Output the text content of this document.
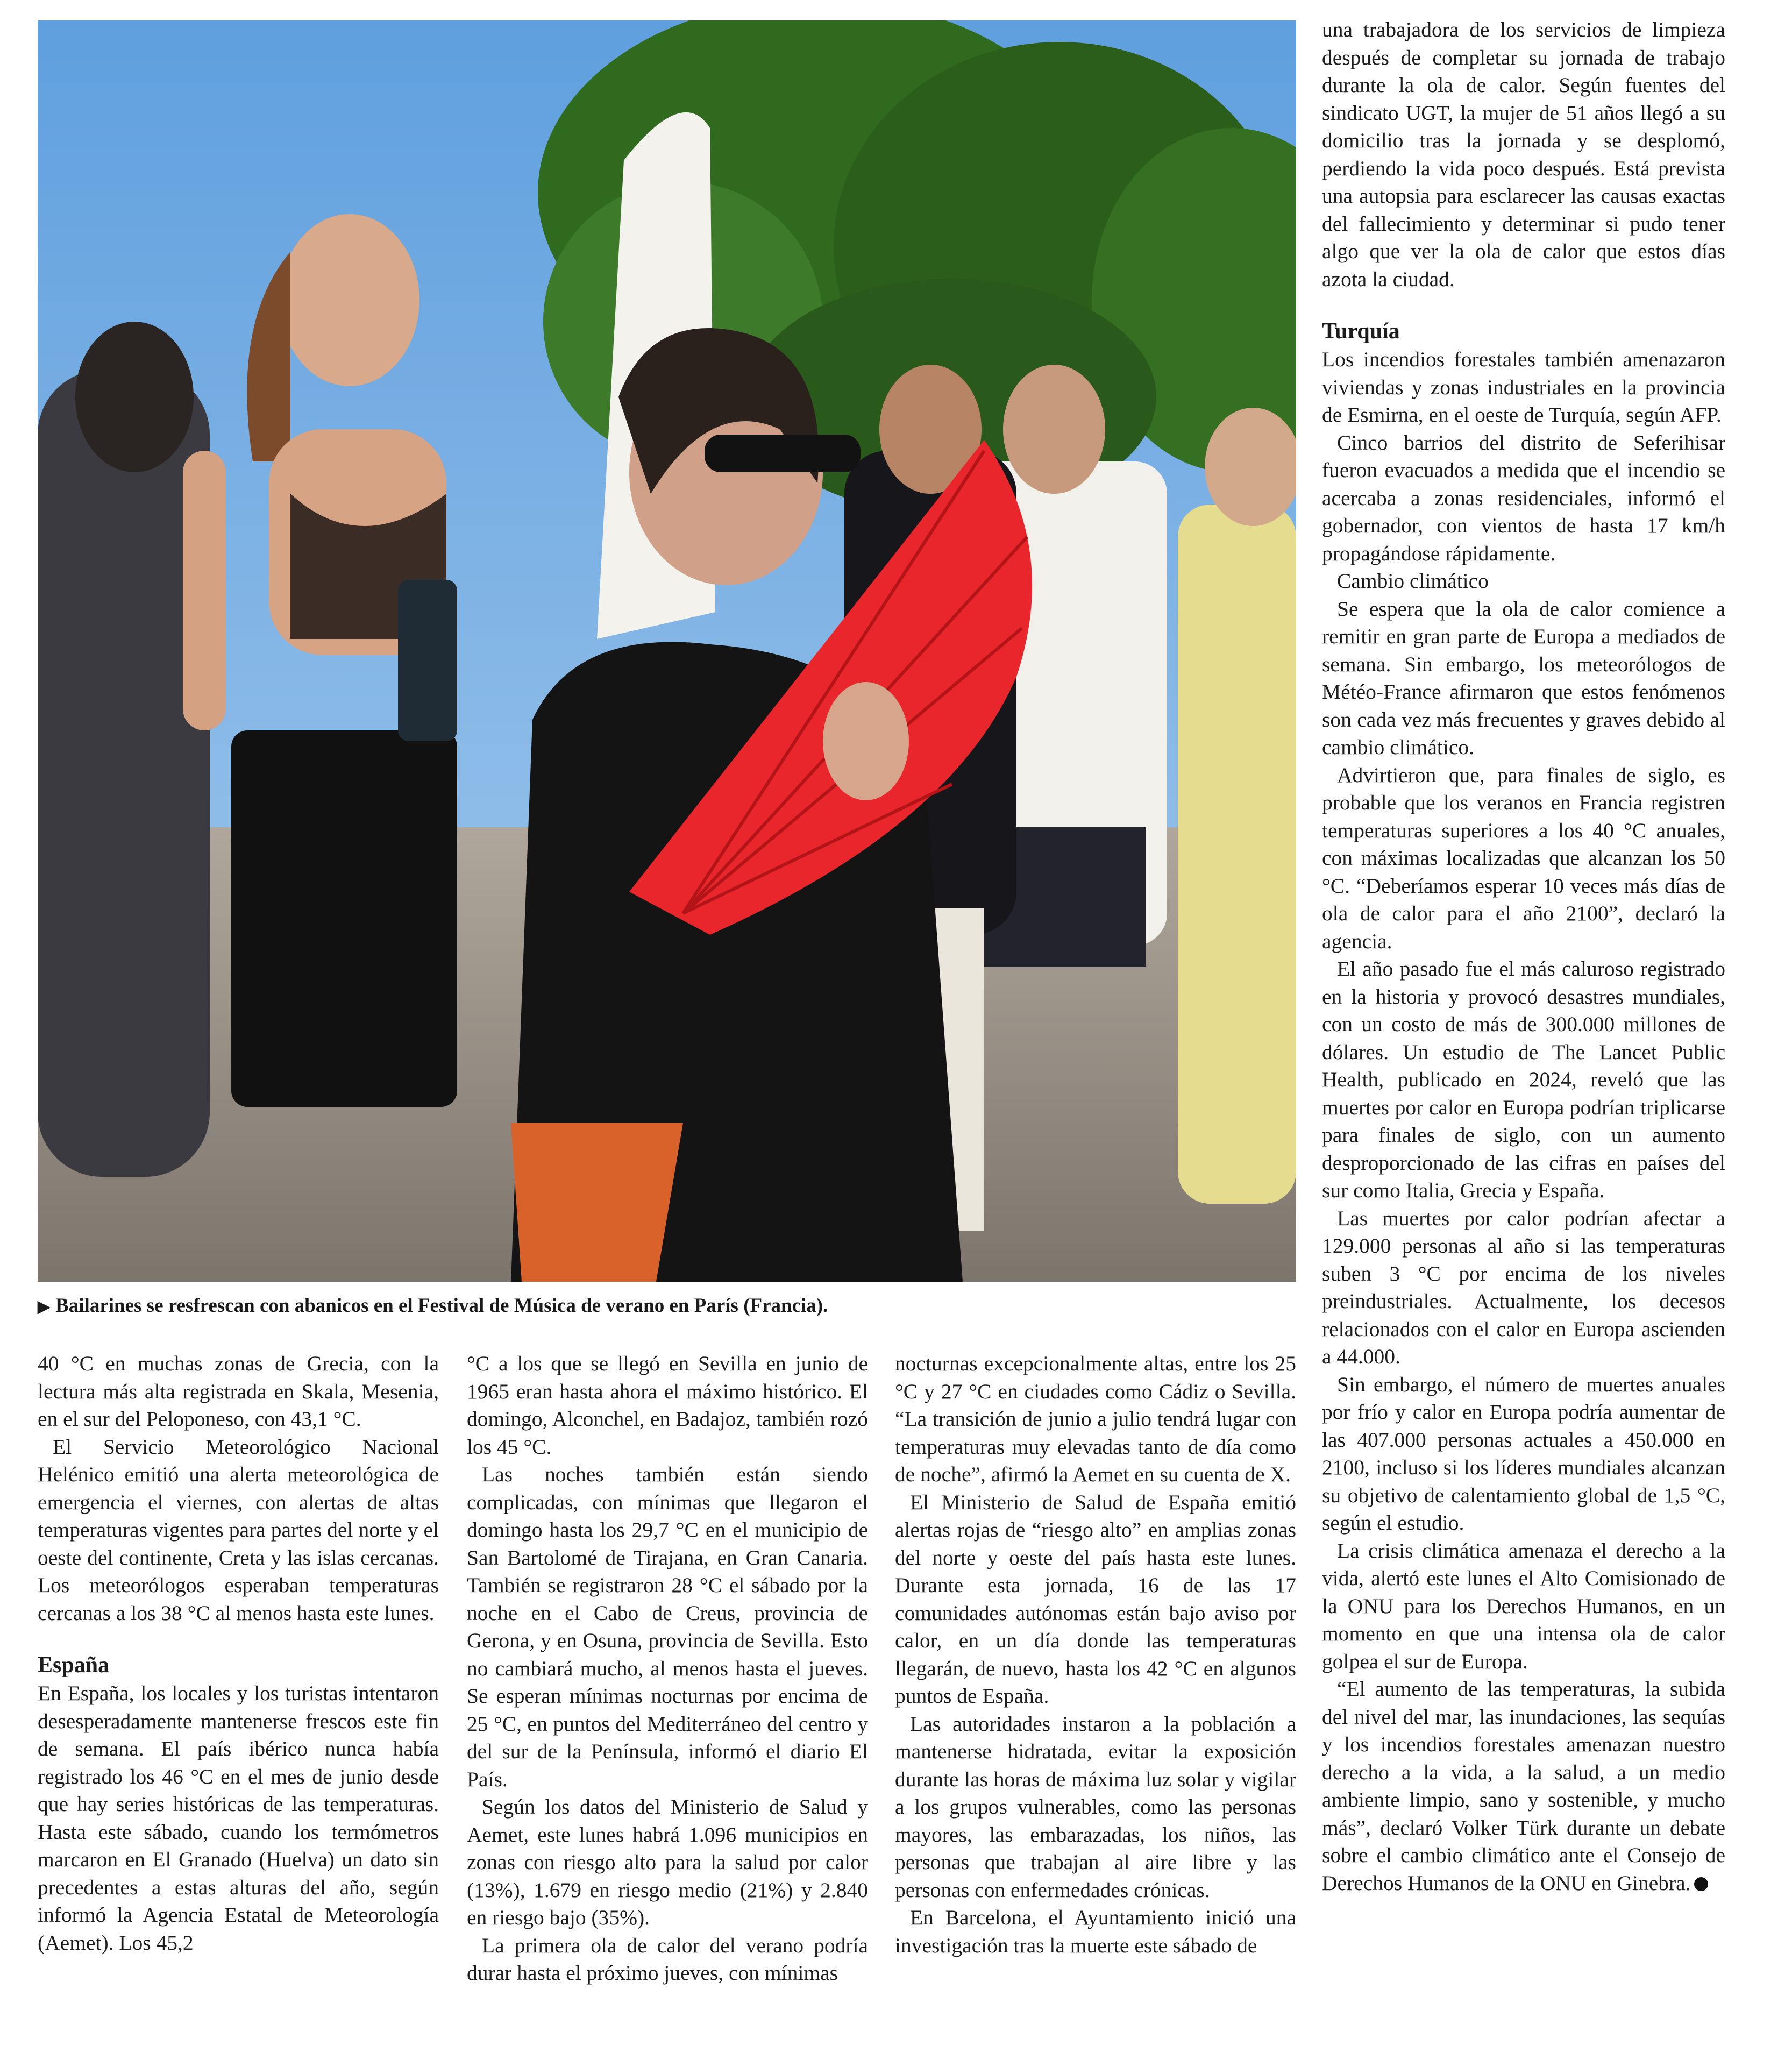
▶ Bailarines se resfrescan con abanicos en el Festival de Música de verano en París (Francia).

una trabajadora de los servicios de limpieza después de completar su jornada de trabajo durante la ola de calor. Según fuentes del sindicato UGT, la mujer de 51 años llegó a su domicilio tras la jornada y se desplomó, perdiendo la vida poco después. Está prevista una autopsia para esclarecer las causas exactas del fallecimiento y determinar si pudo tener algo que ver la ola de calor que estos días azota la ciudad.

Turquía

Los incendios forestales también amenazaron viviendas y zonas industriales en la provincia de Esmirna, en el oeste de Turquía, según AFP.

Cinco barrios del distrito de Seferihisar fueron evacuados a medida que el incendio se acercaba a zonas residenciales, informó el gobernador, con vientos de hasta 17 km/h propagándose rápidamente.

Cambio climático

Se espera que la ola de calor comience a remitir en gran parte de Europa a mediados de semana. Sin embargo, los meteorólogos de Météo-France afirmaron que estos fenómenos son cada vez más frecuentes y graves debido al cambio climático.

Advirtieron que, para finales de siglo, es probable que los veranos en Francia registren temperaturas superiores a los 40 °C anuales, con máximas localizadas que alcanzan los 50 °C. “Deberíamos esperar 10 veces más días de ola de calor para el año 2100”, declaró la agencia.

El año pasado fue el más caluroso registrado en la historia y provocó desastres mundiales, con un costo de más de 300.000 millones de dólares. Un estudio de The Lancet Public Health, publicado en 2024, reveló que las muertes por calor en Europa podrían triplicarse para finales de siglo, con un aumento desproporcionado de las cifras en países del sur como Italia, Grecia y España.

Las muertes por calor podrían afectar a 129.000 personas al año si las temperaturas suben 3 °C por encima de los niveles preindustriales. Actualmente, los decesos relacionados con el calor en Europa ascienden a 44.000.

Sin embargo, el número de muertes anuales por frío y calor en Europa podría aumentar de las 407.000 personas actuales a 450.000 en 2100, incluso si los líderes mundiales alcanzan su objetivo de calentamiento global de 1,5 °C, según el estudio.

La crisis climática amenaza el derecho a la vida, alertó este lunes el Alto Comisionado de la ONU para los Derechos Humanos, en un momento en que una intensa ola de calor golpea el sur de Europa.

“El aumento de las temperaturas, la subida del nivel del mar, las inundaciones, las sequías y los incendios forestales amenazan nuestro derecho a la vida, a la salud, a un medio ambiente limpio, sano y sostenible, y mucho más”, declaró Volker Türk durante un debate sobre el cambio climático ante el Consejo de Derechos Humanos de la ONU en Ginebra.

40 °C en muchas zonas de Grecia, con la lectura más alta registrada en Skala, Mesenia, en el sur del Peloponeso, con 43,1 °C.

El Servicio Meteorológico Nacional Helénico emitió una alerta meteorológica de emergencia el viernes, con alertas de altas temperaturas vigentes para partes del norte y el oeste del continente, Creta y las islas cercanas. Los meteorólogos esperaban temperaturas cercanas a los 38 °C al menos hasta este lunes.

España

En España, los locales y los turistas intentaron desesperadamente mantenerse frescos este fin de semana. El país ibérico nunca había registrado los 46 °C en el mes de junio desde que hay series históricas de las temperaturas. Hasta este sábado, cuando los termómetros marcaron en El Granado (Huelva) un dato sin precedentes a estas alturas del año, según informó la Agencia Estatal de Meteorología (Aemet). Los 45,2

°C a los que se llegó en Sevilla en junio de 1965 eran hasta ahora el máximo histórico. El domingo, Alconchel, en Badajoz, también rozó los 45 °C.

Las noches también están siendo complicadas, con mínimas que llegaron el domingo hasta los 29,7 °C en el municipio de San Bartolomé de Tirajana, en Gran Canaria. También se registraron 28 °C el sábado por la noche en el Cabo de Creus, provincia de Gerona, y en Osuna, provincia de Sevilla. Esto no cambiará mucho, al menos hasta el jueves. Se esperan mínimas nocturnas por encima de 25 °C, en puntos del Mediterráneo del centro y del sur de la Península, informó el diario El País.

Según los datos del Ministerio de Salud y Aemet, este lunes habrá 1.096 municipios en zonas con riesgo alto para la salud por calor (13%), 1.679 en riesgo medio (21%) y 2.840 en riesgo bajo (35%).

La primera ola de calor del verano podría durar hasta el próximo jueves, con mínimas

nocturnas excepcionalmente altas, entre los 25 °C y 27 °C en ciudades como Cádiz o Sevilla. “La transición de junio a julio tendrá lugar con temperaturas muy elevadas tanto de día como de noche”, afirmó la Aemet en su cuenta de X.

El Ministerio de Salud de España emitió alertas rojas de “riesgo alto” en amplias zonas del norte y oeste del país hasta este lunes. Durante esta jornada, 16 de las 17 comunidades autónomas están bajo aviso por calor, en un día donde las temperaturas llegarán, de nuevo, hasta los 42 °C en algunos puntos de España.

Las autoridades instaron a la población a mantenerse hidratada, evitar la exposición durante las horas de máxima luz solar y vigilar a los grupos vulnerables, como las personas mayores, las embarazadas, los niños, las personas que trabajan al aire libre y las personas con enfermedades crónicas.

En Barcelona, el Ayuntamiento inició una investigación tras la muerte este sábado de
